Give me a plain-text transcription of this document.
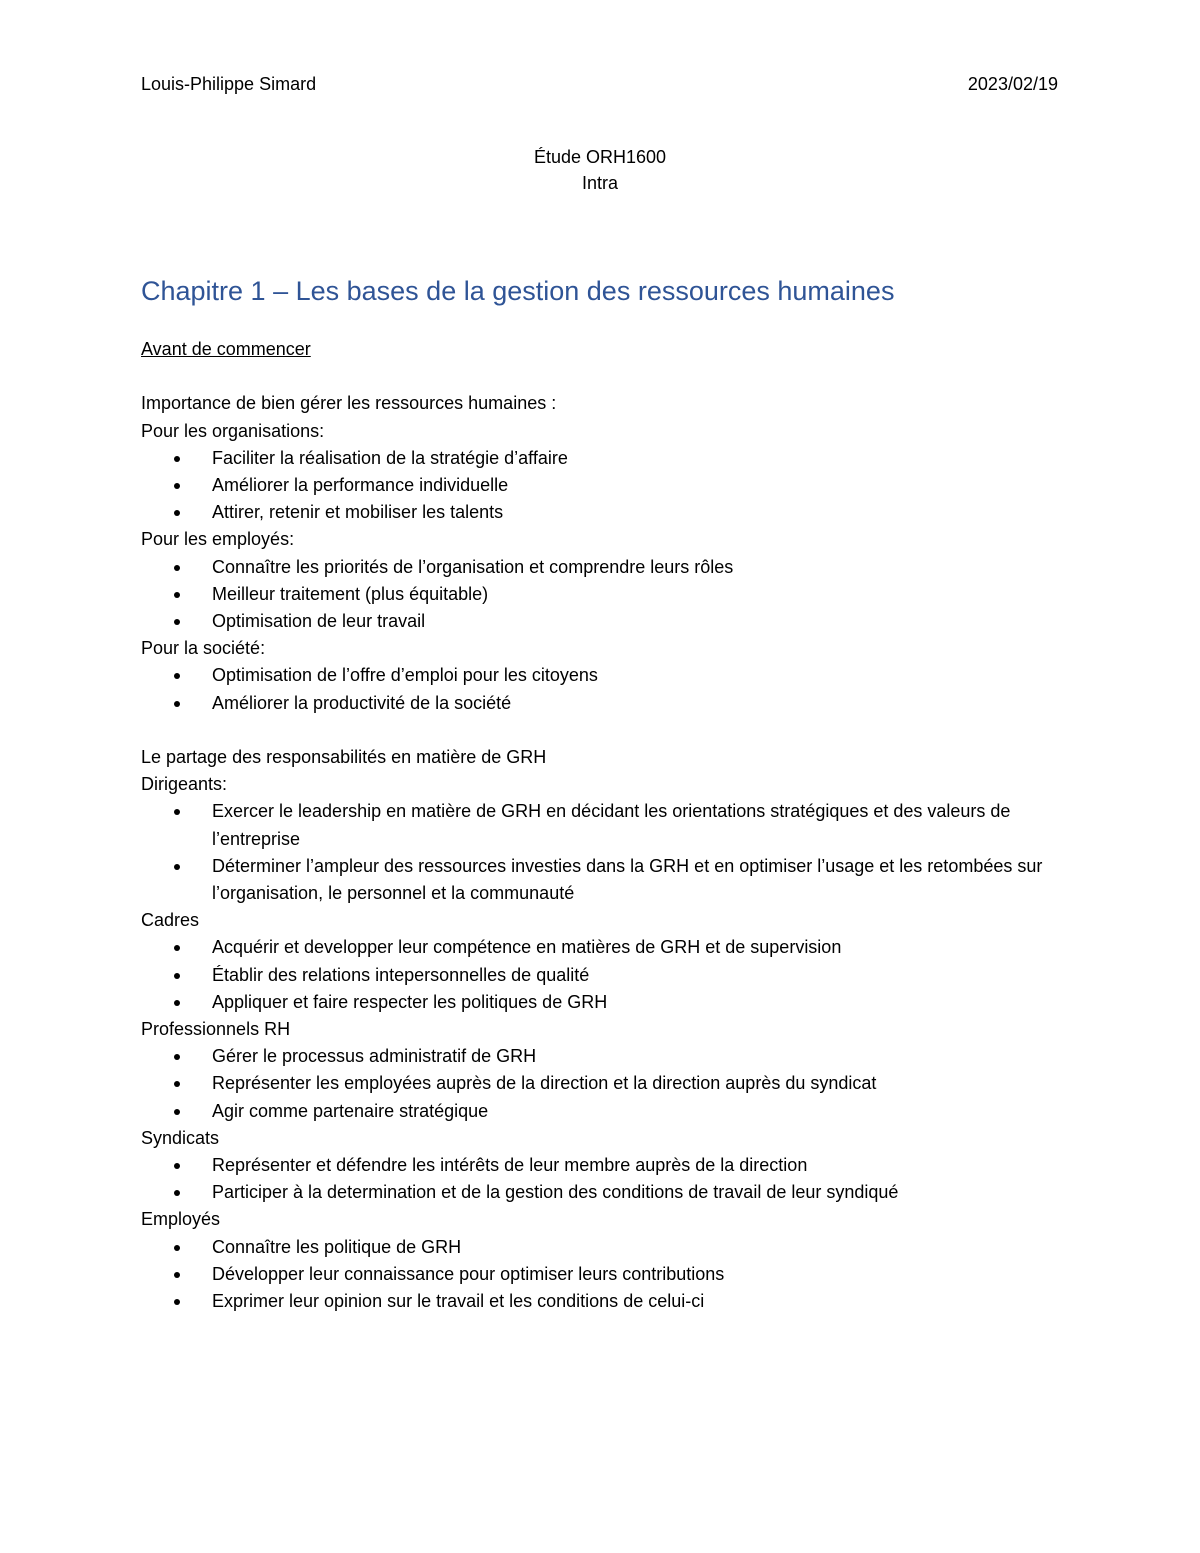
Louis-Philippe Simard	2023/02/19
Étude ORH1600
Intra
Chapitre 1 – Les bases de la gestion des ressources humaines

Avant de commencer

Importance de bien gérer les ressources humaines :

Pour les organisations:

Faciliter la réalisation de la stratégie d’affaire
Améliorer la performance individuelle
Attirer, retenir et mobiliser les talents

Pour les employés:

Connaître les priorités de l’organisation et comprendre leurs rôles
Meilleur traitement (plus équitable)
Optimisation de leur travail

Pour la société:

Optimisation de l’offre d’emploi pour les citoyens
Améliorer la productivité de la société

Le partage des responsabilités en matière de GRH

Dirigeants:

Exercer le leadership en matière de GRH en décidant les orientations stratégiques et des valeurs de l’entreprise
Déterminer l’ampleur des ressources investies dans la GRH et en optimiser l’usage et les retombées sur l’organisation, le personnel et la communauté

Cadres

Acquérir et developper leur compétence en matières de GRH et de supervision
Établir des relations intepersonnelles de qualité
Appliquer et faire respecter les politiques de GRH

Professionnels RH

Gérer le processus administratif de GRH
Représenter les employées auprès de la direction et la direction auprès du syndicat
Agir comme partenaire stratégique

Syndicats

Représenter et défendre les intérêts de leur membre auprès de la direction
Participer à la determination et de la gestion des conditions de travail de leur syndiqué

Employés

Connaître les politique de GRH
Développer leur connaissance pour optimiser leurs contributions
Exprimer leur opinion sur le travail et les conditions de celui-ci
